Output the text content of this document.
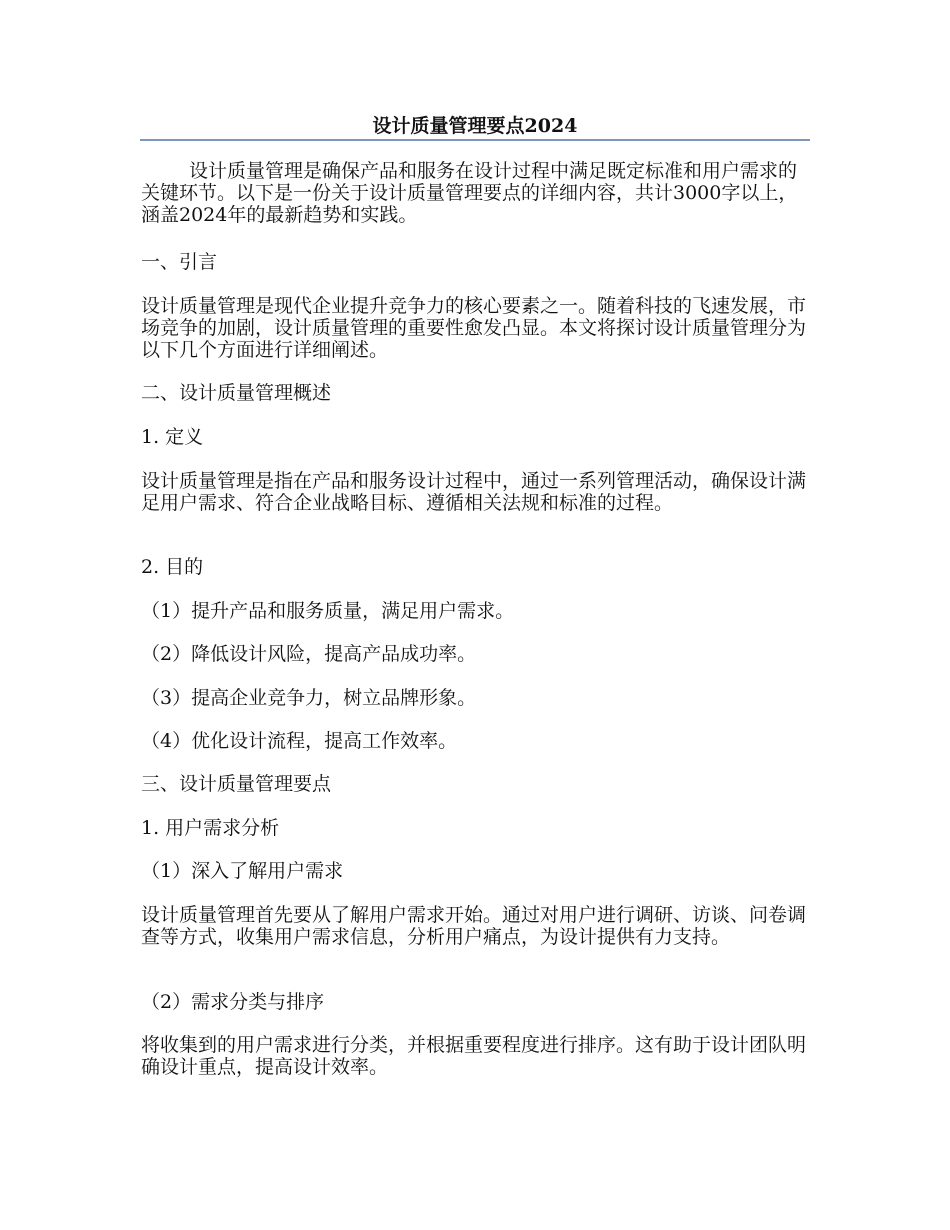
设计质量管理要点2024

设计质量管理是确保产品和服务在设计过程中满足既定标准和用户需求的关键环节。以下是一份关于设计质量管理要点的详细内容，共计3000字以上，涵盖2024年的最新趋势和实践。

一、引言

设计质量管理是现代企业提升竞争力的核心要素之一。随着科技的飞速发展，市场竞争的加剧，设计质量管理的重要性愈发凸显。本文将探讨设计质量管理分为以下几个方面进行详细阐述。

二、设计质量管理概述

1. 定义

设计质量管理是指在产品和服务设计过程中，通过一系列管理活动，确保设计满足用户需求、符合企业战略目标、遵循相关法规和标准的过程。

2. 目的

（1）提升产品和服务质量，满足用户需求。

（2）降低设计风险，提高产品成功率。

（3）提高企业竞争力，树立品牌形象。

（4）优化设计流程，提高工作效率。

三、设计质量管理要点

1. 用户需求分析

（1）深入了解用户需求

设计质量管理首先要从了解用户需求开始。通过对用户进行调研、访谈、问卷调查等方式，收集用户需求信息，分析用户痛点，为设计提供有力支持。

（2）需求分类与排序

将收集到的用户需求进行分类，并根据重要程度进行排序。这有助于设计团队明确设计重点，提高设计效率。
